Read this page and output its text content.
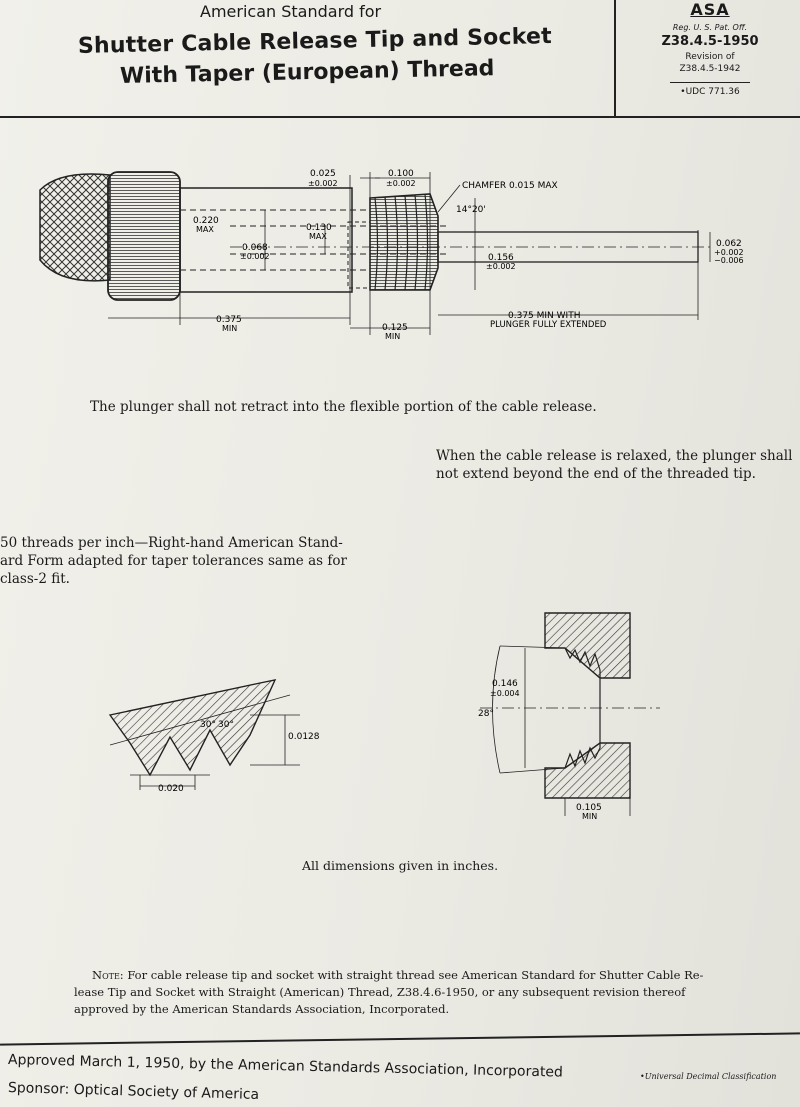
American Standard for
Shutter Cable Release Tip and Socket
With Taper (European) Thread
ASA
Reg. U. S. Pat. Off.
Z38.4.5-1950
Revision of
Z38.4.5-1942
•UDC 771.36
0.025
±0.002
0.100
±0.002	CHAMFER 0.015 MAX
14°20'
0.220
MAX	0.130
MAX
0.068
±0.002	0.156
±0.002
0.062
+0.002
−0.006
0.375
MIN	0.125
MIN
0.375 MIN WITH
PLUNGER FULLY EXTENDED
The plunger shall not retract into the flexible portion of the cable release.
When the cable release is relaxed, the plunger shall
not extend beyond the end of the threaded tip.
50 threads per inch—Right-hand American Stand-
ard Form adapted for taper tolerances same as for
class-2 fit.
30° 30°
0.0128
0.020
28°
0.146
±0.004
0.105
MIN
All dimensions given in inches.
Note: For cable release tip and socket with straight thread see American Standard for Shutter Cable Re-
lease Tip and Socket with Straight (American) Thread, Z38.4.6-1950, or any subsequent revision thereof
approved by the American Standards Association, Incorporated.
Approved March 1, 1950, by the American Standards Association, Incorporated
Sponsor: Optical Society of America
•Universal Decimal Classification
